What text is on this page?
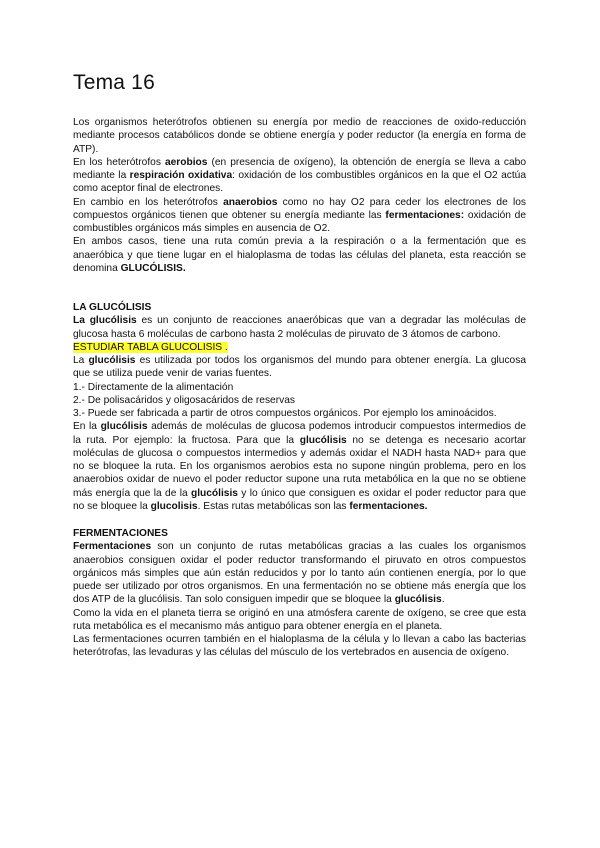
Tema 16

Los organismos heterótrofos obtienen su energía por medio de reacciones de oxido-reducción mediante procesos catabólicos donde se obtiene energía y poder reductor (la energía en forma de ATP).

En los heterótrofos aerobios (en presencia de oxígeno), la obtención de energía se lleva a cabo mediante la respiración oxidativa: oxidación de los combustibles orgánicos en la que el O2 actúa como aceptor final de electrones.

En cambio en los heterótrofos anaerobios como no hay O2 para ceder los electrones de los compuestos orgánicos tienen que obtener su energía mediante las fermentaciones: oxidación de combustibles orgánicos más simples en ausencia de O2.

En ambos casos, tiene una ruta común previa a la respiración o a la fermentación que es anaeróbica y que tiene lugar en el hialoplasma de todas las células del planeta, esta reacción se denomina GLUCÓLISIS.

LA GLUCÓLISIS

La glucólisis es un conjunto de reacciones anaeróbicas que van a degradar las moléculas de glucosa hasta 6 moléculas de carbono hasta 2 moléculas de piruvato de 3 átomos de carbono.

ESTUDIAR TABLA GLUCOLISIS .

La glucólisis es utilizada por todos los organismos del mundo para obtener energía. La glucosa que se utiliza puede venir de varias fuentes.

1.- Directamente de la alimentación

2.- De polisacáridos y oligosacáridos de reservas

3.- Puede ser fabricada a partir de otros compuestos orgánicos. Por ejemplo los aminoácidos.

En la glucólisis además de moléculas de glucosa podemos introducir compuestos intermedios de la ruta. Por ejemplo: la fructosa. Para que la glucólisis no se detenga es necesario acortar moléculas de glucosa o compuestos intermedios y además oxidar el NADH hasta NAD+ para que no se bloquee la ruta. En los organismos aerobios esta no supone ningún problema, pero en los anaerobios oxidar de nuevo el poder reductor supone una ruta metabólica en la que no se obtiene más energía que la de la glucólisis y lo único que consiguen es oxidar el poder reductor para que no se bloquee la glucolisis. Estas rutas metabólicas son las fermentaciones.

FERMENTACIONES

Fermentaciones son un conjunto de rutas metabólicas gracias a las cuales los organismos anaerobios consiguen oxidar el poder reductor transformando el piruvato en otros compuestos orgánicos más simples que aún están reducidos y por lo tanto aún contienen energía, por lo que puede ser utilizado por otros organismos. En una fermentación no se obtiene más energía que los dos ATP de la glucólisis. Tan solo consiguen impedir que se bloquee la glucólisis.

Como la vida en el planeta tierra se originó en una atmósfera carente de oxígeno, se cree que esta ruta metabólica es el mecanismo más antiguo para obtener energía en el planeta.

Las fermentaciones ocurren también en el hialoplasma de la célula y lo llevan a cabo las bacterias heterótrofas, las levaduras y las células del músculo de los vertebrados en ausencia de oxígeno.
